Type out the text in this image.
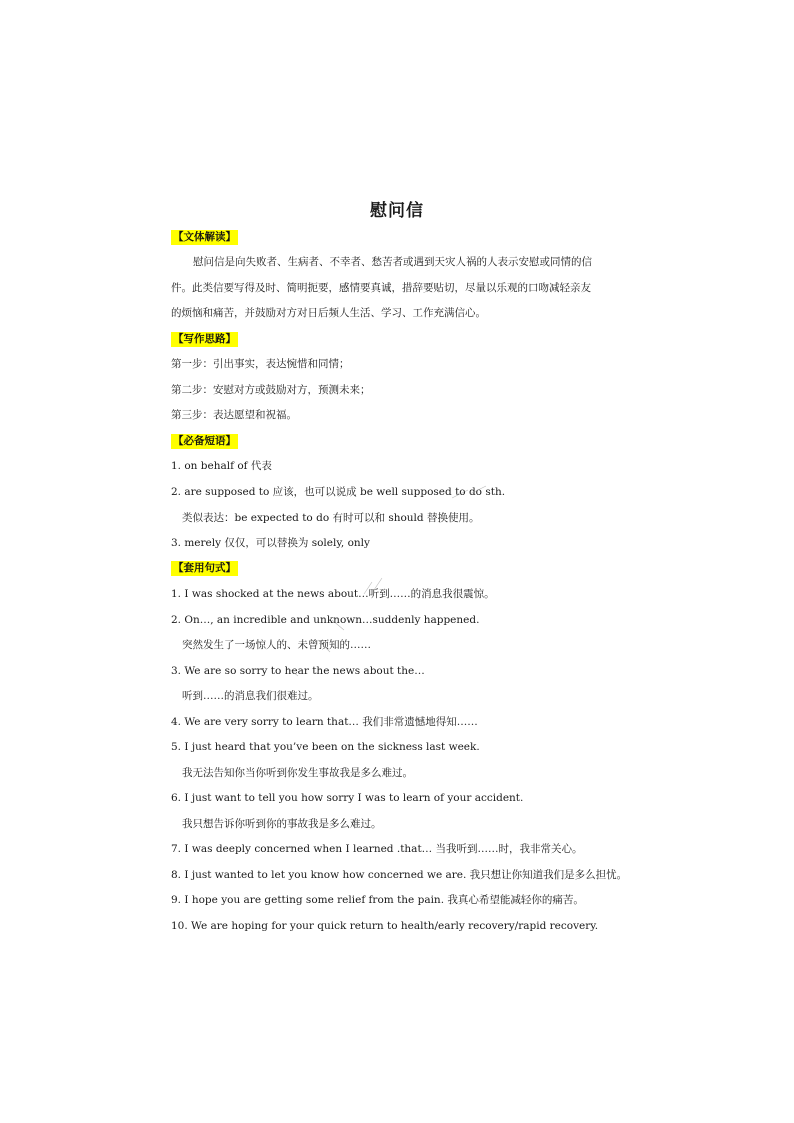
慰问信
【文体解读】
慰问信是向失败者、生病者、不幸者、愁苦者或遇到天灾人祸的人表示安慰或同情的信
件。此类信要写得及时、简明扼要，感情要真诚，措辞要贴切，尽量以乐观的口吻减轻亲友
的烦恼和痛苦，并鼓励对方对日后频人生活、学习、工作充满信心。
【写作思路】
第一步：引出事实，表达惋惜和同情；
第二步：安慰对方或鼓励对方，预测未来；
第三步：表达愿望和祝福。
【必备短语】
1. on behalf of 代表
2. are supposed to 应该，也可以说成 be well supposed to do sth.
类似表达：be expected to do 有时可以和 should 替换使用。
3. merely 仅仅，可以替换为 solely, only
【套用句式】
1. I was shocked at the news about…听到……的消息我很震惊。
2. On…, an incredible and unknown…suddenly happened.
突然发生了一场惊人的、未曾预知的……
3. We are so sorry to hear the news about the…
听到……的消息我们很难过。
4. We are very sorry to learn that… 我们非常遗憾地得知……
5. I just heard that you’ve been on the sickness last week.
我无法告知你当你听到你发生事故我是多么难过。
6. I just want to tell you how sorry I was to learn of your accident.
我只想告诉你听到你的事故我是多么难过。
7. I was deeply concerned when I learned .that… 当我听到……时，我非常关心。
8. I just wanted to let you know how concerned we are. 我只想让你知道我们是多么担忧。
9. I hope you are getting some relief from the pain. 我真心希望能减轻你的痛苦。
10. We are hoping for your quick return to health/early recovery/rapid recovery.
